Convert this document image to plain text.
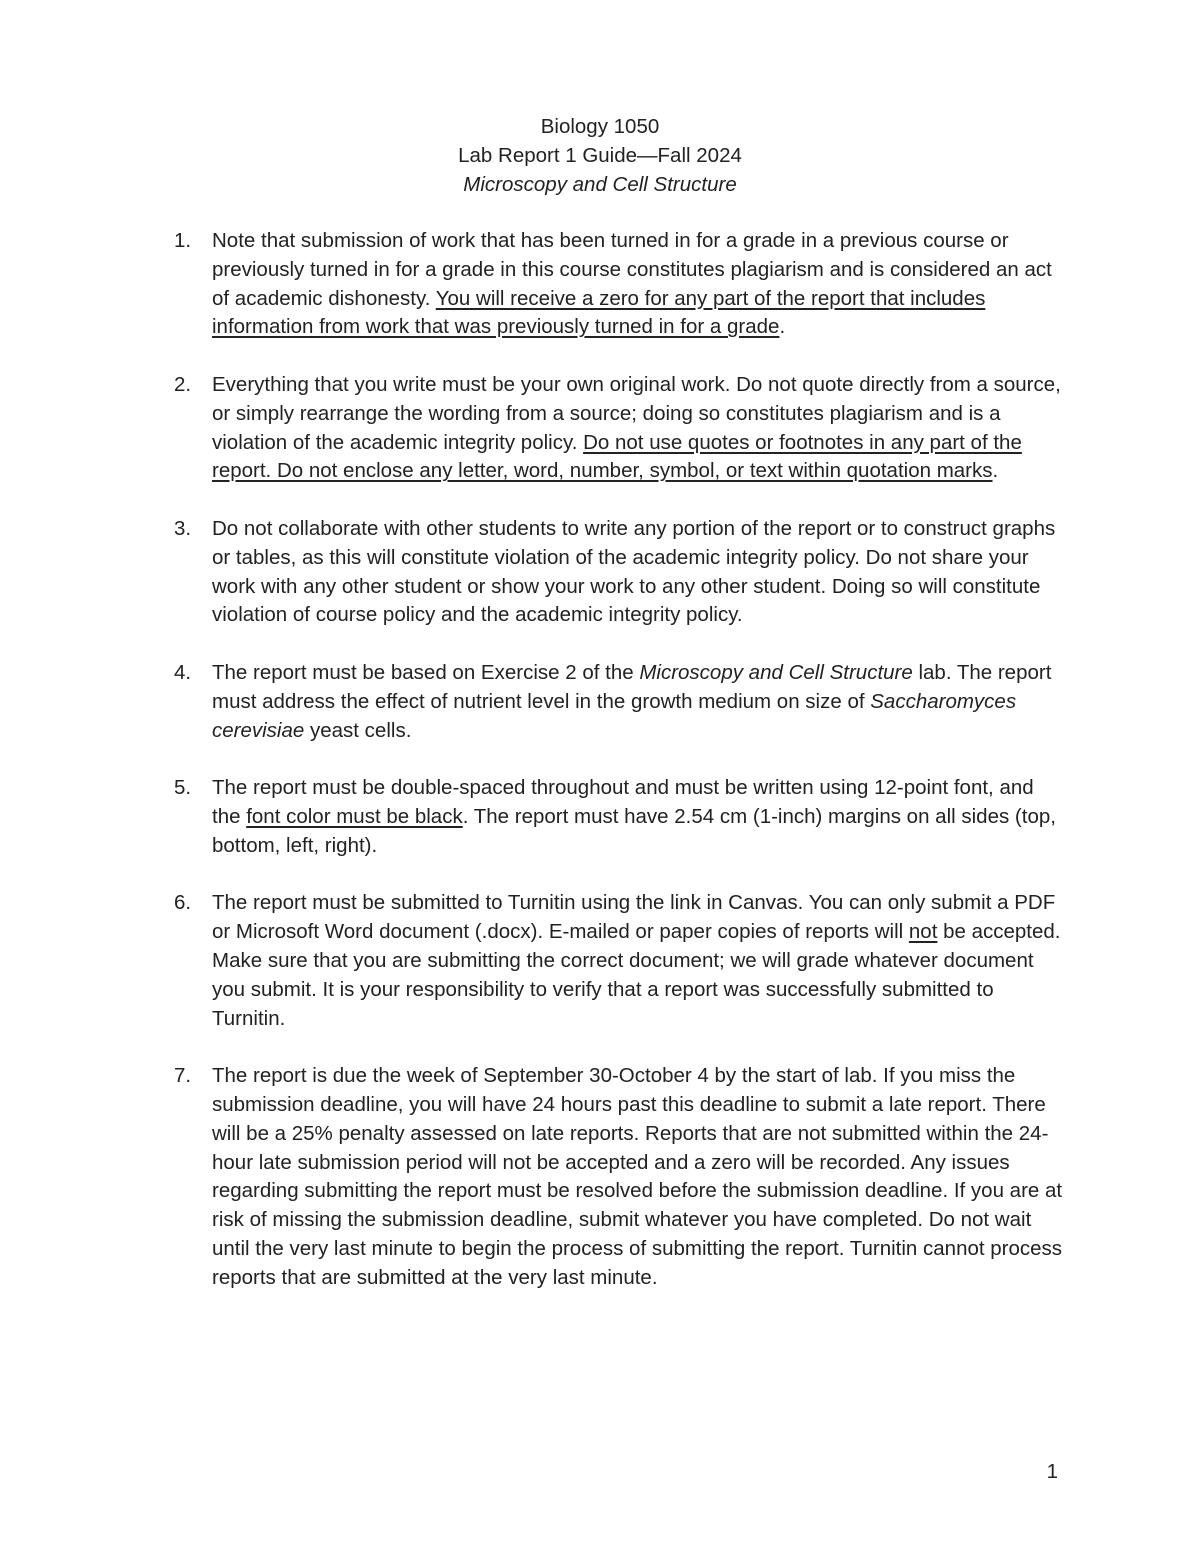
Biology 1050
Lab Report 1 Guide—Fall 2024
Microscopy and Cell Structure
1. Note that submission of work that has been turned in for a grade in a previous course or previously turned in for a grade in this course constitutes plagiarism and is considered an act of academic dishonesty. You will receive a zero for any part of the report that includes information from work that was previously turned in for a grade.
2. Everything that you write must be your own original work. Do not quote directly from a source, or simply rearrange the wording from a source; doing so constitutes plagiarism and is a violation of the academic integrity policy. Do not use quotes or footnotes in any part of the report. Do not enclose any letter, word, number, symbol, or text within quotation marks.
3. Do not collaborate with other students to write any portion of the report or to construct graphs or tables, as this will constitute violation of the academic integrity policy. Do not share your work with any other student or show your work to any other student. Doing so will constitute violation of course policy and the academic integrity policy.
4. The report must be based on Exercise 2 of the Microscopy and Cell Structure lab. The report must address the effect of nutrient level in the growth medium on size of Saccharomyces cerevisiae yeast cells.
5. The report must be double-spaced throughout and must be written using 12-point font, and the font color must be black. The report must have 2.54 cm (1-inch) margins on all sides (top, bottom, left, right).
6. The report must be submitted to Turnitin using the link in Canvas. You can only submit a PDF or Microsoft Word document (.docx). E-mailed or paper copies of reports will not be accepted. Make sure that you are submitting the correct document; we will grade whatever document you submit. It is your responsibility to verify that a report was successfully submitted to Turnitin.
7. The report is due the week of September 30-October 4 by the start of lab. If you miss the submission deadline, you will have 24 hours past this deadline to submit a late report. There will be a 25% penalty assessed on late reports. Reports that are not submitted within the 24-hour late submission period will not be accepted and a zero will be recorded. Any issues regarding submitting the report must be resolved before the submission deadline. If you are at risk of missing the submission deadline, submit whatever you have completed. Do not wait until the very last minute to begin the process of submitting the report. Turnitin cannot process reports that are submitted at the very last minute.
1
